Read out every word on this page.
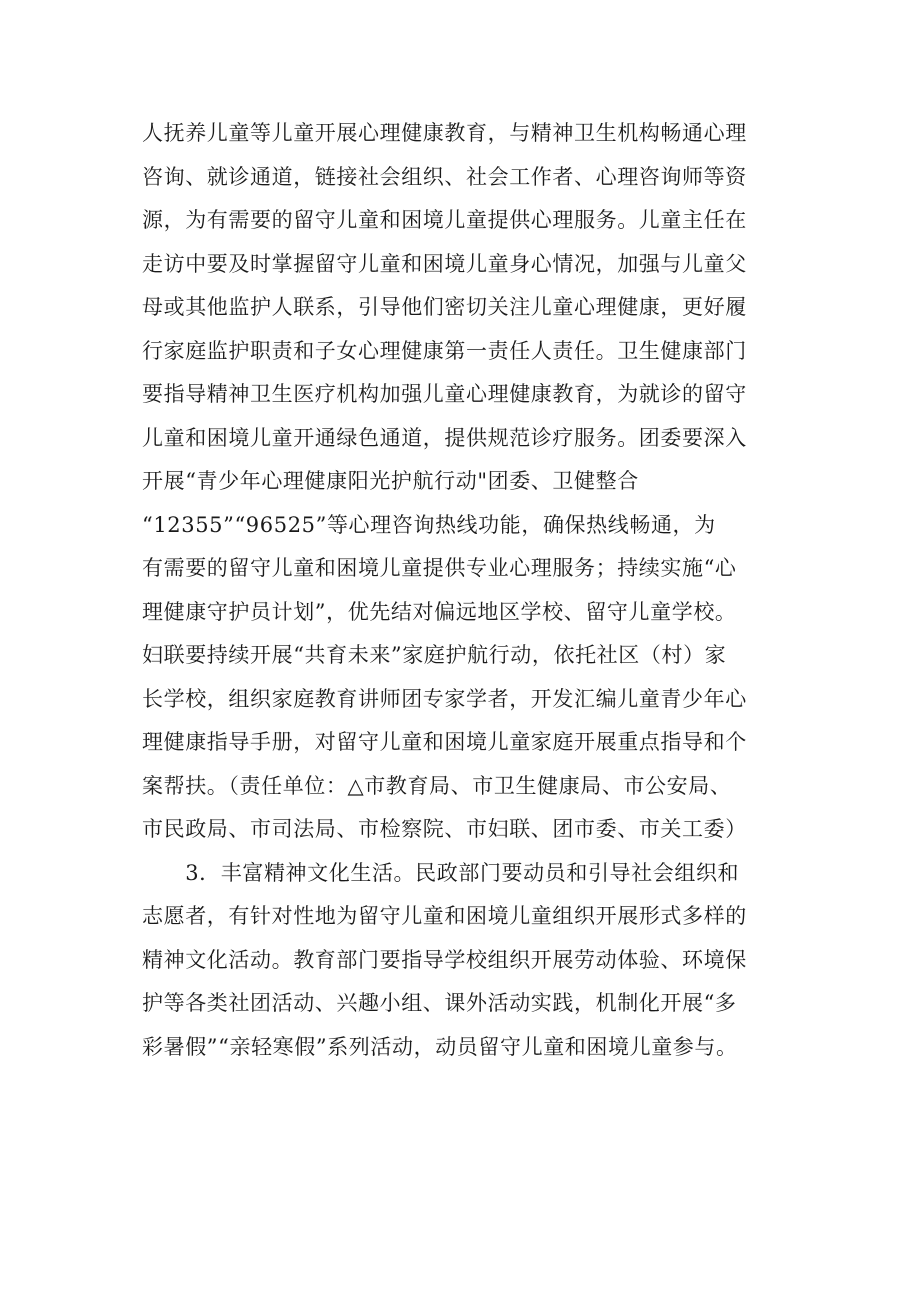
人抚养儿童等儿童开展心理健康教育，与精神卫生机构畅通心理
咨询、就诊通道，链接社会组织、社会工作者、心理咨询师等资
源，为有需要的留守儿童和困境儿童提供心理服务。儿童主任在
走访中要及时掌握留守儿童和困境儿童身心情况，加强与儿童父
母或其他监护人联系，引导他们密切关注儿童心理健康，更好履
行家庭监护职责和子女心理健康第一责任人责任。卫生健康部门
要指导精神卫生医疗机构加强儿童心理健康教育，为就诊的留守
儿童和困境儿童开通绿色通道，提供规范诊疗服务。团委要深入
开展“青少年心理健康阳光护航行动"团委、卫健整合
“12355”“96525”等心理咨询热线功能，确保热线畅通，为
有需要的留守儿童和困境儿童提供专业心理服务；持续实施“心
理健康守护员计划”，优先结对偏远地区学校、留守儿童学校。
妇联要持续开展“共育未来”家庭护航行动，依托社区（村）家
长学校，组织家庭教育讲师团专家学者，开发汇编儿童青少年心
理健康指导手册，对留守儿童和困境儿童家庭开展重点指导和个
案帮扶。（责任单位：△市教育局、市卫生健康局、市公安局、
市民政局、市司法局、市检察院、市妇联、团市委、市关工委）
　　3．丰富精神文化生活。民政部门要动员和引导社会组织和
志愿者，有针对性地为留守儿童和困境儿童组织开展形式多样的
精神文化活动。教育部门要指导学校组织开展劳动体验、环境保
护等各类社团活动、兴趣小组、课外活动实践，机制化开展“多
彩暑假”“亲轻寒假”系列活动，动员留守儿童和困境儿童参与。
